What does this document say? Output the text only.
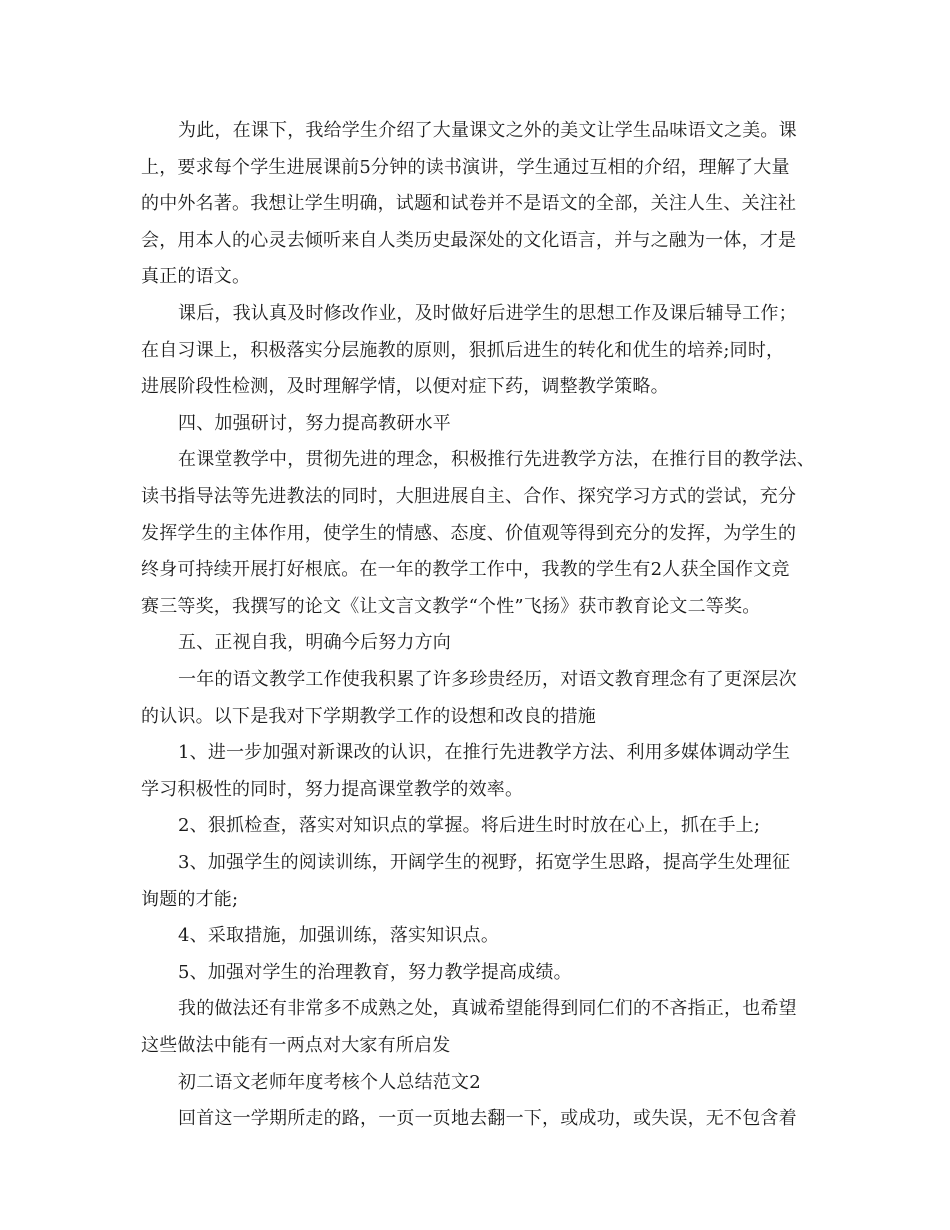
为此，在课下，我给学生介绍了大量课文之外的美文让学生品味语文之美。课
上，要求每个学生进展课前5分钟的读书演讲，学生通过互相的介绍，理解了大量
的中外名著。我想让学生明确，试题和试卷并不是语文的全部，关注人生、关注社
会，用本人的心灵去倾听来自人类历史最深处的文化语言，并与之融为一体，才是
真正的语文。
课后，我认真及时修改作业，及时做好后进学生的思想工作及课后辅导工作；
在自习课上，积极落实分层施教的原则，狠抓后进生的转化和优生的培养;同时，
进展阶段性检测，及时理解学情，以便对症下药，调整教学策略。
四、加强研讨，努力提高教研水平
在课堂教学中，贯彻先进的理念，积极推行先进教学方法，在推行目的教学法、
读书指导法等先进教法的同时，大胆进展自主、合作、探究学习方式的尝试，充分
发挥学生的主体作用，使学生的情感、态度、价值观等得到充分的发挥，为学生的
终身可持续开展打好根底。在一年的教学工作中，我教的学生有2人获全国作文竞
赛三等奖，我撰写的论文《让文言文教学“个性”飞扬》获市教育论文二等奖。
五、正视自我，明确今后努力方向
一年的语文教学工作使我积累了许多珍贵经历，对语文教育理念有了更深层次
的认识。以下是我对下学期教学工作的设想和改良的措施
1、进一步加强对新课改的认识，在推行先进教学方法、利用多媒体调动学生
学习积极性的同时，努力提高课堂教学的效率。
2、狠抓检查，落实对知识点的掌握。将后进生时时放在心上，抓在手上;
3、加强学生的阅读训练，开阔学生的视野，拓宽学生思路，提高学生处理征
询题的才能;
4、采取措施，加强训练，落实知识点。
5、加强对学生的治理教育，努力教学提高成绩。
我的做法还有非常多不成熟之处，真诚希望能得到同仁们的不吝指正，也希望
这些做法中能有一两点对大家有所启发
初二语文老师年度考核个人总结范文2
回首这一学期所走的路，一页一页地去翻一下，或成功，或失误，无不包含着
